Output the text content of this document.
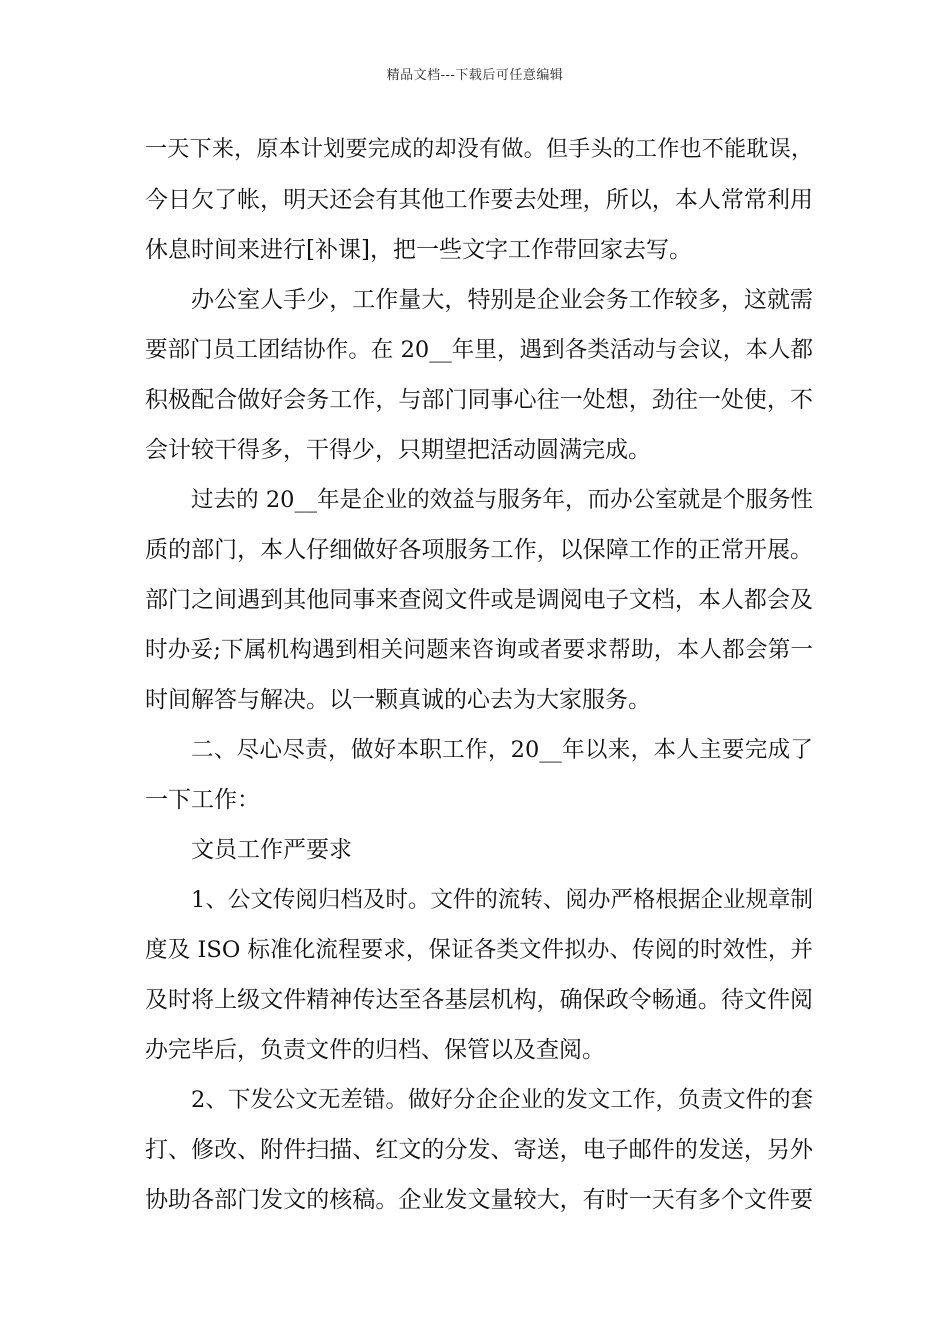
精品文档---下载后可任意编辑
一天下来，原本计划要完成的却没有做。但手头的工作也不能耽误，
今日欠了帐，明天还会有其他工作要去处理，所以，本人常常利用
休息时间来进行[补课]，把一些文字工作带回家去写。
办公室人手少，工作量大，特别是企业会务工作较多，这就需
要部门员工团结协作。在 20__年里，遇到各类活动与会议，本人都
积极配合做好会务工作，与部门同事心往一处想，劲往一处使，不
会计较干得多，干得少，只期望把活动圆满完成。
过去的 20__年是企业的效益与服务年，而办公室就是个服务性
质的部门，本人仔细做好各项服务工作，以保障工作的正常开展。
部门之间遇到其他同事来查阅文件或是调阅电子文档，本人都会及
时办妥;下属机构遇到相关问题来咨询或者要求帮助，本人都会第一
时间解答与解决。以一颗真诚的心去为大家服务。
二、尽心尽责，做好本职工作，20__年以来，本人主要完成了
一下工作：
文员工作严要求
1、公文传阅归档及时。文件的流转、阅办严格根据企业规章制
度及 ISO 标准化流程要求，保证各类文件拟办、传阅的时效性，并
及时将上级文件精神传达至各基层机构，确保政令畅通。待文件阅
办完毕后，负责文件的归档、保管以及查阅。
2、下发公文无差错。做好分企企业的发文工作，负责文件的套
打、修改、附件扫描、红文的分发、寄送，电子邮件的发送，另外
协助各部门发文的核稿。企业发文量较大，有时一天有多个文件要
